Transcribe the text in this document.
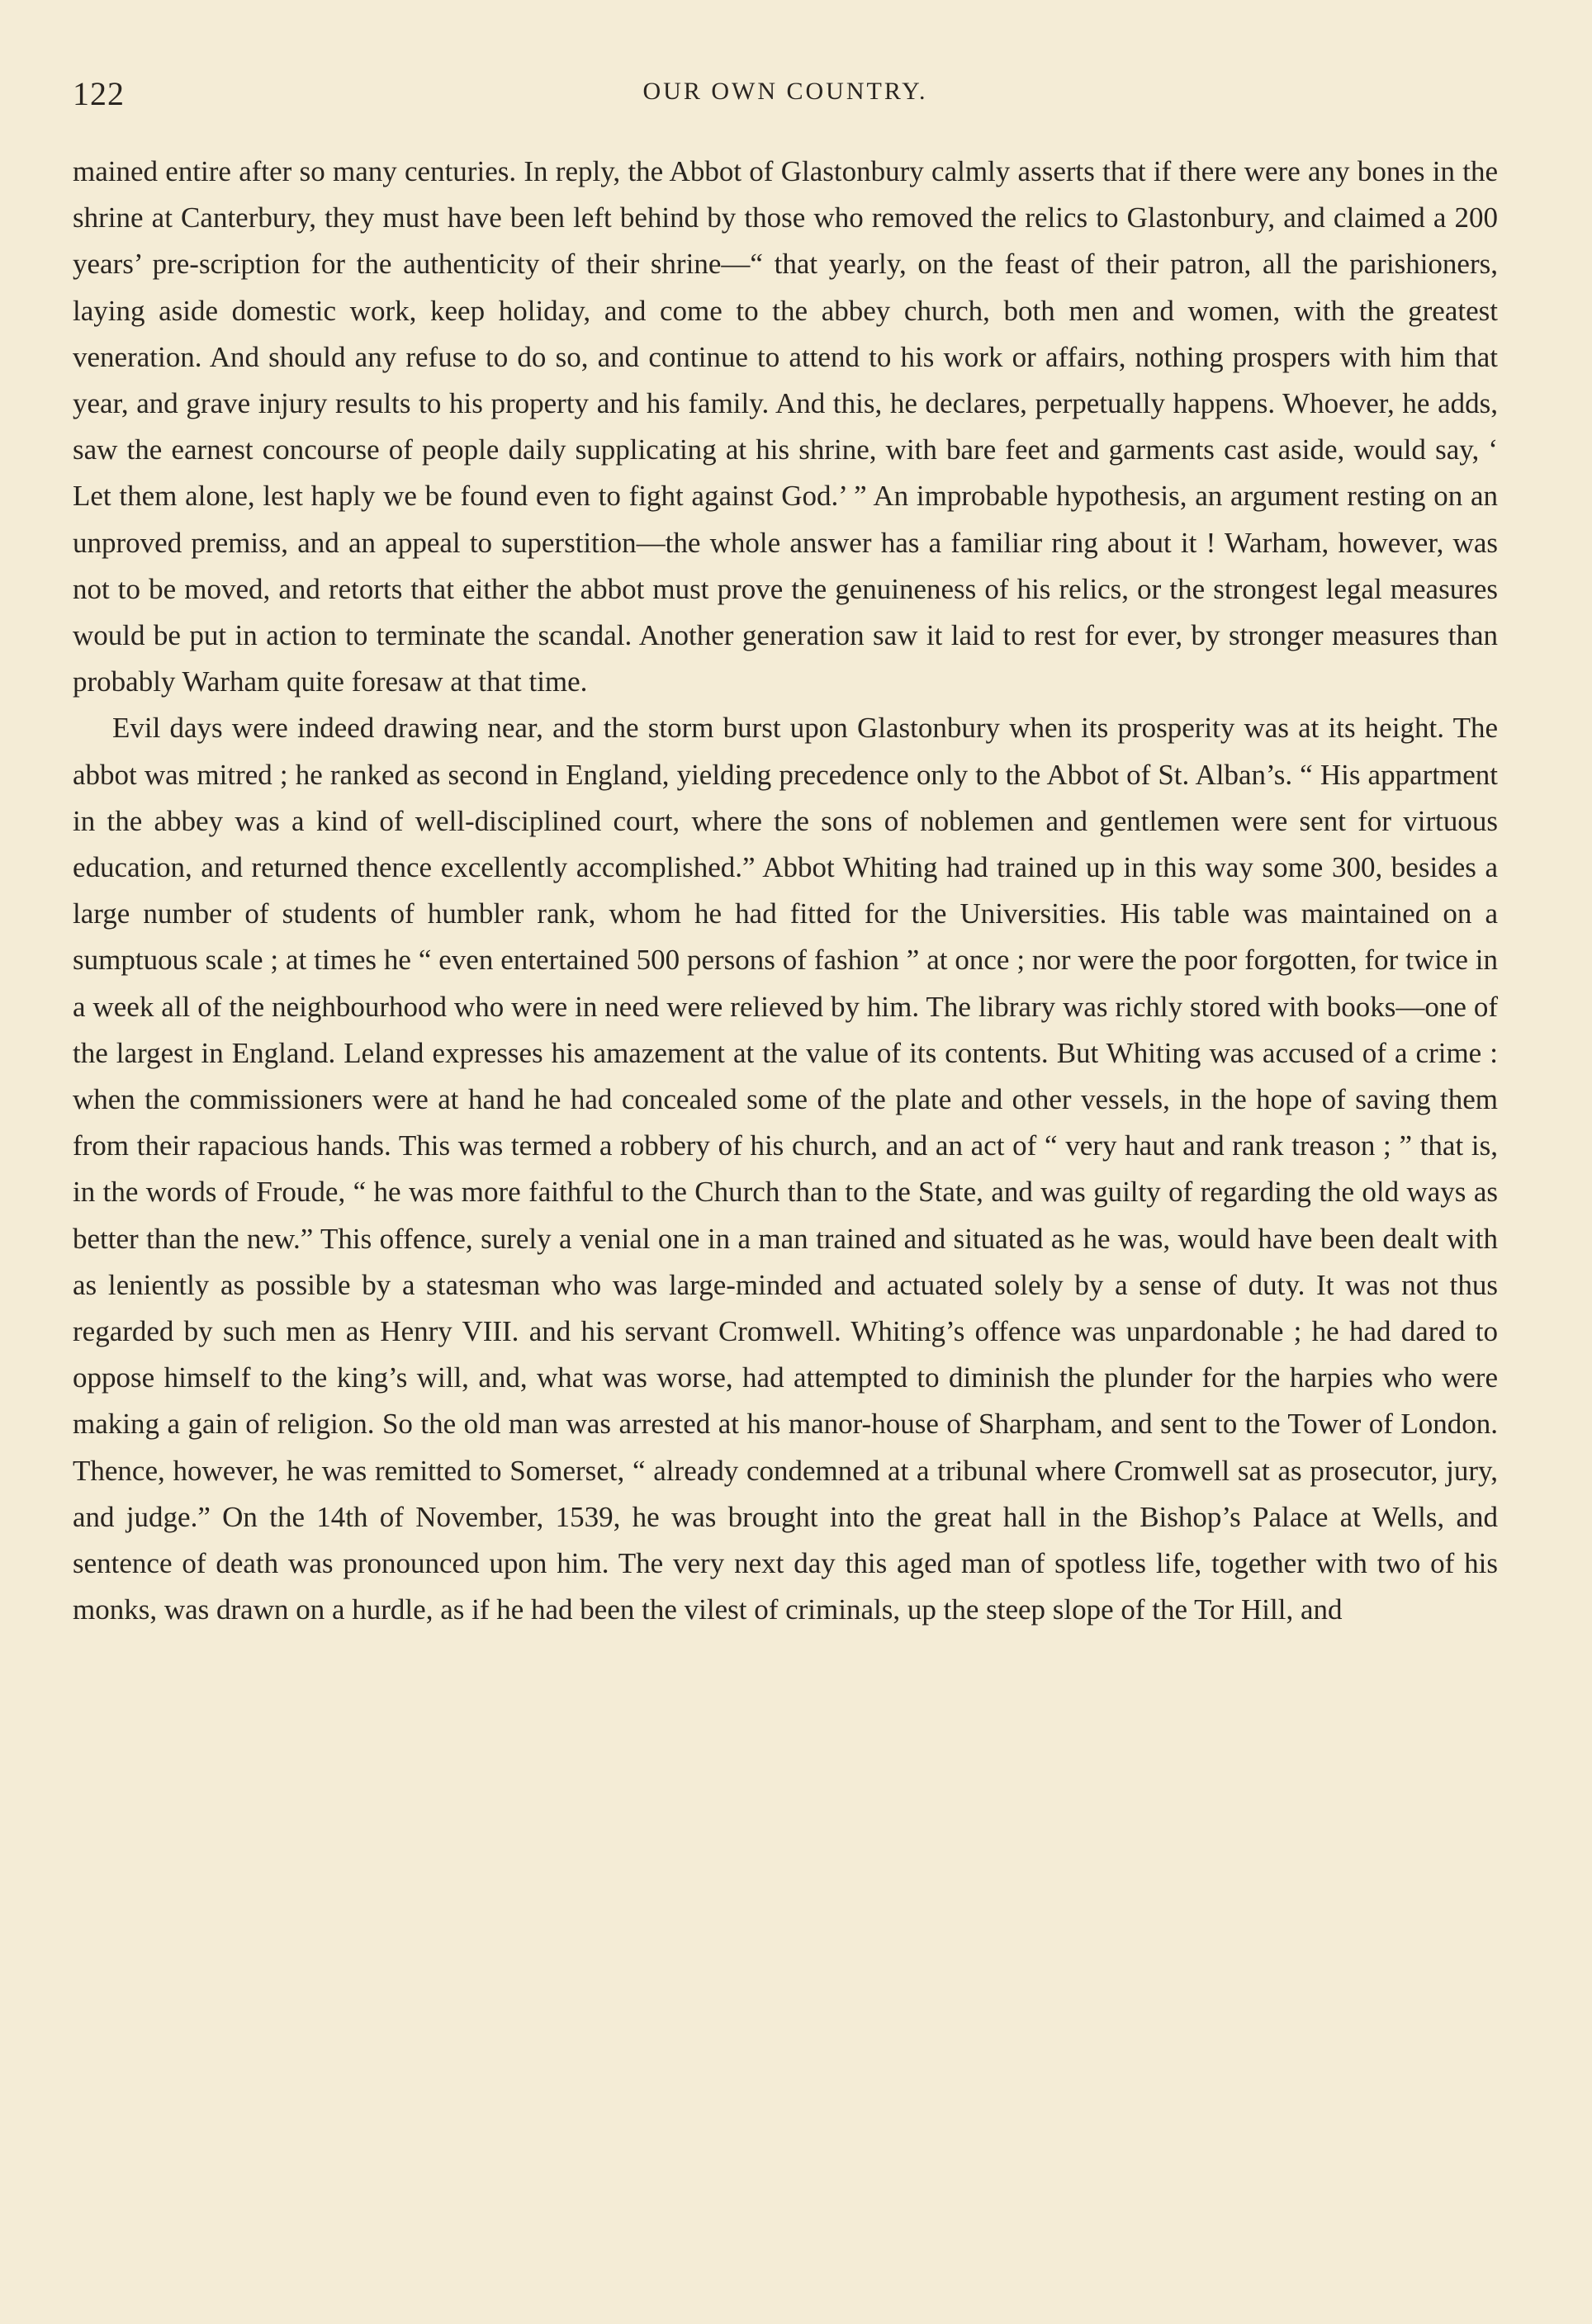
122	OUR OWN COUNTRY.

mained entire after so many centuries. In reply, the Abbot of Glastonbury calmly asserts that if there were any bones in the shrine at Canterbury, they must have been left behind by those who removed the relics to Glastonbury, and claimed a 200 years’ pre-scription for the authenticity of their shrine—“ that yearly, on the feast of their patron, all the parishioners, laying aside domestic work, keep holiday, and come to the abbey church, both men and women, with the greatest veneration. And should any refuse to do so, and continue to attend to his work or affairs, nothing prospers with him that year, and grave injury results to his property and his family. And this, he declares, perpetually happens. Whoever, he adds, saw the earnest concourse of people daily supplicating at his shrine, with bare feet and garments cast aside, would say, ‘ Let them alone, lest haply we be found even to fight against God.’ ” An improbable hypothesis, an argument resting on an unproved premiss, and an appeal to superstition—the whole answer has a familiar ring about it ! Warham, however, was not to be moved, and retorts that either the abbot must prove the genuineness of his relics, or the strongest legal measures would be put in action to terminate the scandal. Another generation saw it laid to rest for ever, by stronger measures than probably Warham quite foresaw at that time.

Evil days were indeed drawing near, and the storm burst upon Glastonbury when its prosperity was at its height. The abbot was mitred ; he ranked as second in England, yielding precedence only to the Abbot of St. Alban’s. “ His appartment in the abbey was a kind of well-disciplined court, where the sons of noblemen and gentlemen were sent for virtuous education, and returned thence excellently accomplished.” Abbot Whiting had trained up in this way some 300, besides a large number of students of humbler rank, whom he had fitted for the Universities. His table was maintained on a sumptuous scale ; at times he “ even entertained 500 persons of fashion ” at once ; nor were the poor forgotten, for twice in a week all of the neighbourhood who were in need were relieved by him. The library was richly stored with books—one of the largest in England. Leland expresses his amazement at the value of its contents. But Whiting was accused of a crime : when the commissioners were at hand he had concealed some of the plate and other vessels, in the hope of saving them from their rapacious hands. This was termed a robbery of his church, and an act of “ very haut and rank treason ; ” that is, in the words of Froude, “ he was more faithful to the Church than to the State, and was guilty of regarding the old ways as better than the new.” This offence, surely a venial one in a man trained and situated as he was, would have been dealt with as leniently as possible by a statesman who was large-minded and actuated solely by a sense of duty. It was not thus regarded by such men as Henry VIII. and his servant Cromwell. Whiting’s offence was unpardonable ; he had dared to oppose himself to the king’s will, and, what was worse, had attempted to diminish the plunder for the harpies who were making a gain of religion. So the old man was arrested at his manor-house of Sharpham, and sent to the Tower of London. Thence, however, he was remitted to Somerset, “ already condemned at a tribunal where Cromwell sat as prosecutor, jury, and judge.” On the 14th of November, 1539, he was brought into the great hall in the Bishop’s Palace at Wells, and sentence of death was pronounced upon him. The very next day this aged man of spotless life, together with two of his monks, was drawn on a hurdle, as if he had been the vilest of criminals, up the steep slope of the Tor Hill, and
